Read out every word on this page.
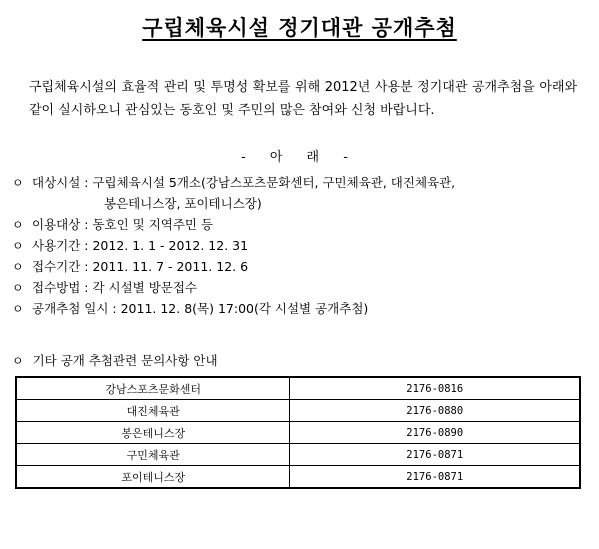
구립체육시설 정기대관 공개추첨
구립체육시설의 효율적 관리 및 투명성 확보를 위해 2012년 사용분 정기대관 공개추첨을 아래와 같이 실시하오니 관심있는 동호인 및 주민의 많은 참여와 신청 바랍니다.
- 아 래 -
ㅇ 대상시설 : 구립체육시설 5개소(강남스포츠문화센터, 구민체육관, 대진체육관,
봉은테니스장, 포이테니스장)
ㅇ 이용대상 : 동호인 및 지역주민 등
ㅇ 사용기간 : 2012. 1. 1 - 2012. 12. 31
ㅇ 접수기간 : 2011. 11. 7 - 2011. 12. 6
ㅇ 접수방법 : 각 시설별 방문접수
ㅇ 공개추첨 일시 : 2011. 12. 8(목) 17:00(각 시설별 공개추첨)
ㅇ 기타 공개 추첨관련 문의사항 안내
강남스포츠문화센터	2176-0816
대진체육관	2176-0880
봉은테니스장	2176-0890
구민체육관	2176-0871
포이테니스장	2176-0871
